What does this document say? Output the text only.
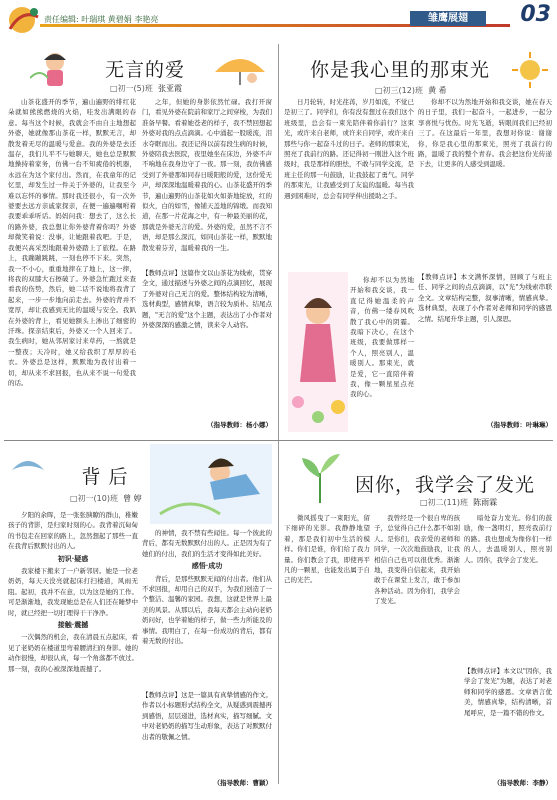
责任编辑: 叶瑞琪 黄碧娟 李艳亮	雏鹰展翅	03
无言的爱
□初一(5)班 张亚霞
山茶花盛开的季节，遍山遍野的绯红花朵就如熊熊燃烧的火焰，哇发出满眼的春意。每当这个时候，我就会不由自主地想起外婆，她就像那山茶花一样，默默无言，却散发着无尽的温暖与爱意。我的外婆是去还温存，我们儿平不与她聊天，她也总是默默地操持着家务，仿佛一台不知疲倦的机器，永远在为这个家付出。然而，在我童年的记忆里，却发生过一件关于外婆的，让我至今难以忘怀的事情。那时我还很小，有一次外婆要去远方亲戚家探亲，在便一遍遍嘱咐着我要乖乖听话。妈妈问我：想去了，这么长的路外婆，我总想让你外婆背着你吗？外婆却微笑着说：没事，让她跟着我吧。于是，我便兴高采烈地跟着外婆踏上了旅程。在路上，我蹦蹦跳跳，一刻也停不下来。突然，我一不小心，重重地摔在了地上，这一摔，将我的双膝大石擦破了。外婆急忙跑过来查看我的伤势，然后，她二话不说地将我背了起来，一步一步地向前走去。外婆的背并不宽厚，却让我感到无比的温暖与安全。我趴在外婆的背上，看见她额头上渗出了细密的汗珠。探亲结束后，外婆又一个人回来了。我生病时，她从邻居家讨来草药，一熬就是一整夜；天冷时，她又给我织了厚厚的毛衣。外婆总是这样，默默地为我付出着一切，却从来不求回报，也从来不说一句爱我的话。
之年，但她的身影依然忙碌。我打开窗门，看见外婆在院前和家厅之间穿梭，为我们准备早餐。看着她苍老的样子，我不禁回想起外婆对我的点点滴滴。心中涌起一股暖流，泪水夺眶而出。我还记得以前有段生病的时候，外婆陪我去医院，夜里她坐在床边，外婆不声不响地在我身边守了一夜。那一刻，我仿佛感受到了外婆那如同春日暖阳般的爱，这份爱无声，却深深地温暖着我的心。山茶花盛开的季节，遍山遍野的山茶花如火如荼地绽放，红的似火，白的如雪，像铺天盖地的锦缎。而我知道，在那一片花海之中，有一种最美丽的花，那就是外婆无言的爱。外婆的爱，虽然不言不语，却是那么深沉，如同山茶花一样，默默地散发着芬芳，温暖着我的一生。
【教师点评】这篇作文以山茶花为线索，贯穿全文，通过描述与外婆之间的点滴回忆，展现了外婆对自己无言的爱。整体结构较为清晰，选材典型，感情真挚，语言较为质朴。结尾点题，"无言的爱"这个主题，表达出了小作者对外婆深深的感激之情，读来令人动容。
（指导教师：杨小娜）
你是我心里的那束光
□初三(12)班 黄 希
日月轮转，时光荏苒，岁月如流，不觉已是初三了。同学们，你有没有想过在我们这个班级里，总会有一束光陪伴着你前行？这束光，或许来自老师，或许来自同学，或许来自那些与你一起奋斗过的日子。老师的那束光，照亮了我前行的路。还记得初一刚进入这个班级时，我是那样的胆怯，不敢与同学交流，是班主任的那一句鼓励，让我鼓起了勇气。同学的那束光，让我感受到了友谊的温暖。每当我遇到困难时，总会有同学伸出援助之手。
你却不以为然地开始和我交谈，她在春天的日子里，我们一起奋斗，一起进步，一起分享喜悦与忧伤。时光飞逝，转眼间我们已经初三了。在这最后一年里，我想对你说：谢谢你，你是我心里的那束光，照亮了我前行的路，温暖了我的整个青春。我会把这份光传递下去，让更多的人感受到温暖。
你却不以为然地开始和我交谈，我一直记得她温柔的声音，仿佛一缕春风吹散了我心中的阴霾。我暗下决心，在这个班级，我要做那样一个人，照亮别人，温暖别人。那束光，就是爱，它一直陪伴着我，像一颗星星点亮我的心。
【教师点评】本文满怀深情，回顾了与班主任、同学之间的点点滴滴，以"光"为线索串联全文。文章结构完整，叙事清晰，情感真挚。选材典型，表现了小作者对老师和同学的感恩之情。结尾升华主题，引人深思。
（指导教师：叶琳琳）
背 后
□初一(10)班 曾 婷
夕阳的余晖，是一张张胰瞭的群山，稚嫩孩子的背影，是归家时刻的心。我背着沉甸甸的书包走在回家的路上，忽然想起了那些一直在我背后默默付出的人。
初识·疑惑
我家楼下搬来了一户新邻居。她是一位老奶奶，每天天没亮就起床打扫楼道，风雨无阻。起初，我并不在意，以为这是她的工作。可是渐渐地，我发现她总是在人们还在睡梦中时，就已经把一切打理得干干净净。
接触·震撼
一次偶然的机会，我在清晨五点起床，看见了老奶奶在楼道里弯着腰清扫的身影。她的动作很慢，却很认真，每一个角落都不放过。那一刻，我的心被深深地震撼了。
的神情，我不禁有些闻住。每一个彼此的背后，都有无数默默付出的人。正是因为有了她们的付出，我们的生活才变得如此美好。
感悟·成功
背后，是那些默默无闻的付出者。他们从不求回报，却用自己的双手，为我们创造了一个整洁、温馨的家园。我想，这就是世界上最美的风景。从那以后，我每天都会主动向老奶奶问好，也学着她的样子，做一些力所能及的事情。我明白了，在每一份成功的背后，都有着无数的付出。
【教师点评】这是一篇具有真挚情感的作文。作者以小标题形式结构全文，从疑惑到震撼再到感悟，层层递进，选材真实，描写细腻。文中对老奶奶的描写生动形象，表达了对默默付出者的敬佩之情。
（指导教师：曹颖）
因你，我学会了发光
□初二(11)班 陈雨霖
微风摇曳了一束阳光，留下细碎的光影。我静静地望着，那是我们初中生活的模样。你们是谁，你们给了我力量。你们教会了我，即使再平凡的一颗星，也能发出属于自己的光芒。
我曾经是一个很自卑的孩子，总觉得自己什么都不如别人。是你们，我亲爱的老师和同学，一次次地鼓励我，让我相信自己也可以很优秀。渐渐地，我变得自信起来，我开始敢于在课堂上发言，敢于参加各种活动。因为你们，我学会了发光。
暗处奋力发光。你们的鼓励，像一盏明灯，照亮我前行的路。我也想成为像你们一样的人，去温暖别人，照亮别人。因你，我学会了发光。
【教师点评】本文以"因你，我学会了发光"为题，表达了对老师和同学的感恩。文章语言优美，情感真挚，结构清晰，首尾呼应，是一篇不错的作文。
（指导教师：李静）
